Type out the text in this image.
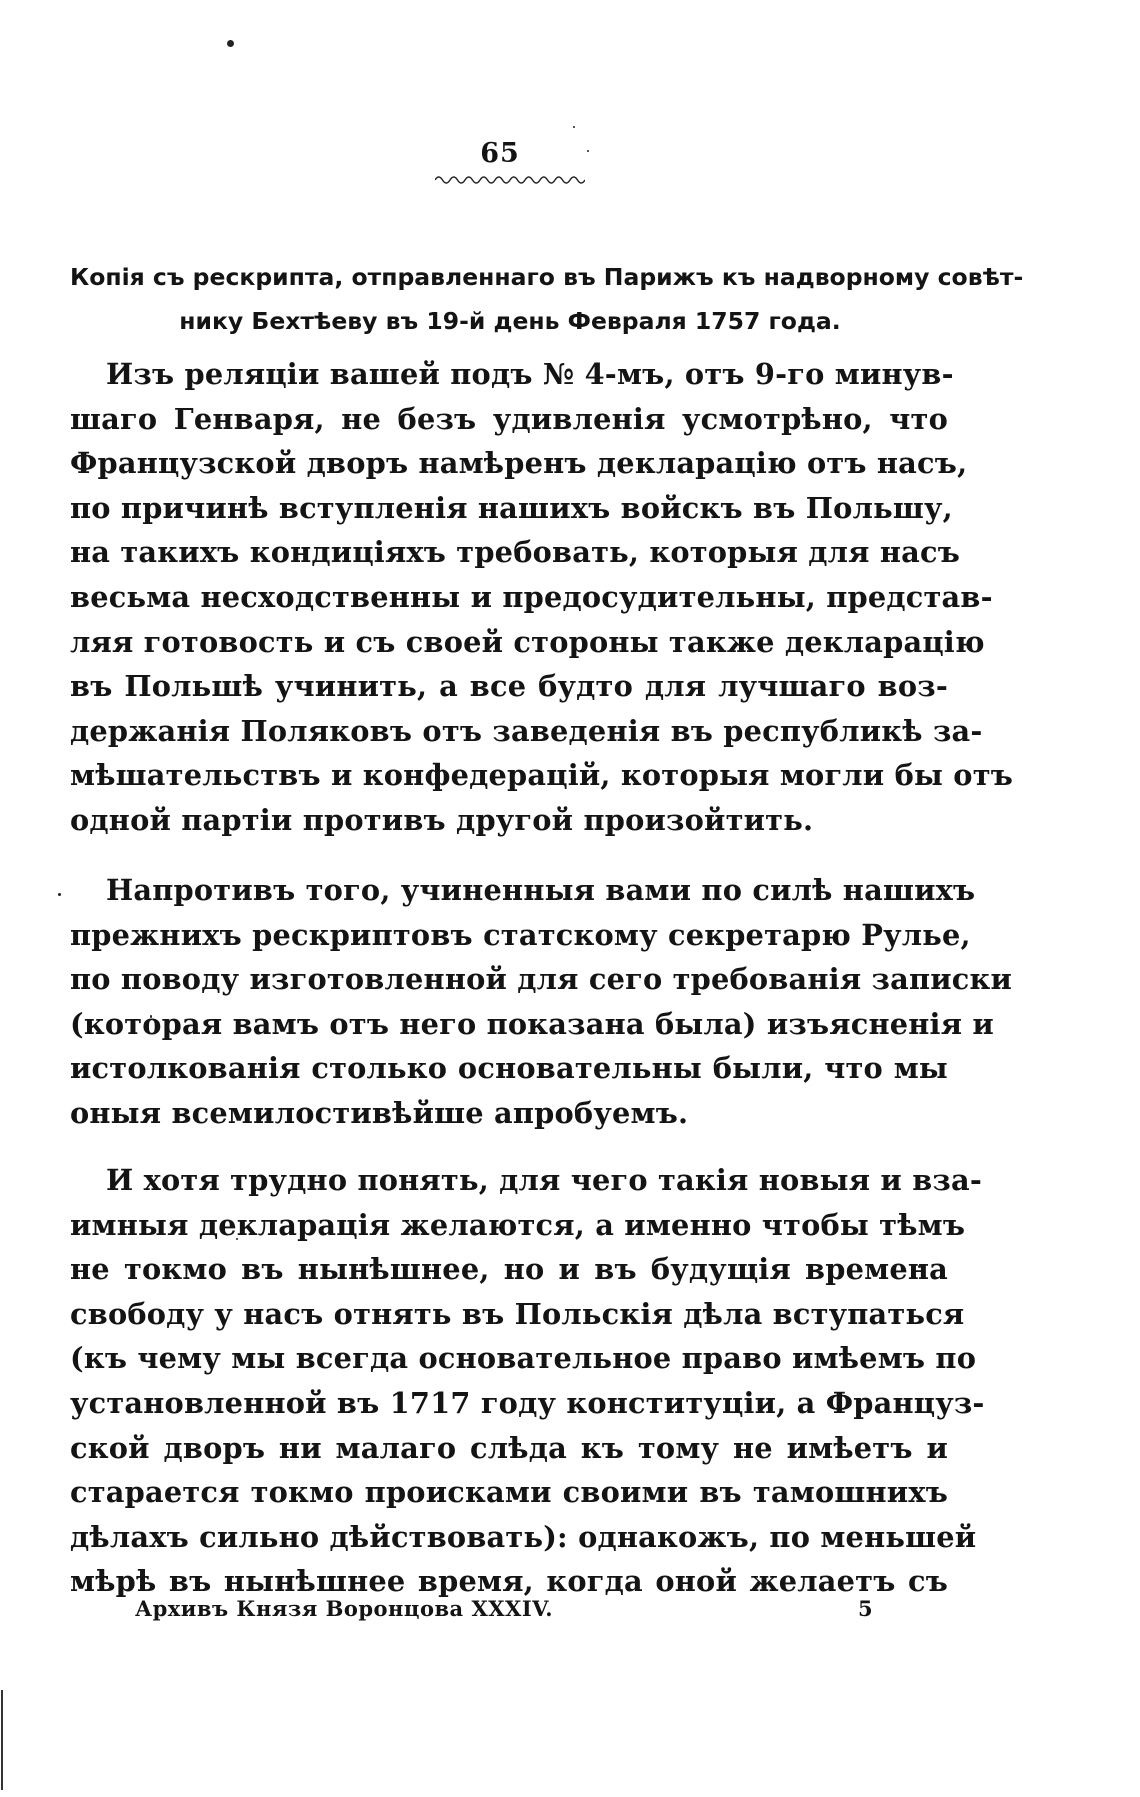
65
Копія съ рескрипта, отправленнаго въ Парижъ къ надворному совѣт-
нику Бехтѣеву въ 19-й день Февраля 1757 года.

Изъ реляціи вашей подъ № 4-мъ, отъ 9-го минув-
шаго Генваря, не безъ удивленія усмотрѣно, что
Французской дворъ намѣренъ декларацію отъ насъ,
по причинѣ вступленія нашихъ войскъ въ Польшу,
на такихъ кондиціяхъ требовать, которыя для насъ
весьма несходственны и предосудительны, представ-
ляя готовость и съ своей стороны также декларацію
въ Польшѣ учинить, а все будто для лучшаго воз-
держанія Поляковъ отъ заведенія въ республикѣ за-
мѣшательствъ и конфедерацій, которыя могли бы отъ
одной партіи противъ другой произойтить.

Напротивъ того, учиненныя вами по силѣ нашихъ
прежнихъ рескриптовъ статскому секретарю Рулье,
по поводу изготовленной для сего требованія записки
(которая вамъ отъ него показана была) изъясненія и
истолкованія столько основательны были, что мы
оныя всемилостивѣйше апробуемъ.

И хотя трудно понять, для чего такія новыя и вза-
имныя декларація желаются, а именно чтобы тѣмъ
не токмо въ нынѣшнее, но и въ будущія времена
свободу у насъ отнять въ Польскія дѣла вступаться
(къ чему мы всегда основательное право имѣемъ по
установленной въ 1717 году конституціи, а Француз-
ской дворъ ни малаго слѣда къ тому не имѣетъ и
старается токмо происками своими въ тамошнихъ
дѣлахъ сильно дѣйствовать): однакожъ, по меньшей
мѣрѣ въ нынѣшнее время, когда оной желаетъ съ

Архивъ Князя Воронцова XXXIV.	5
